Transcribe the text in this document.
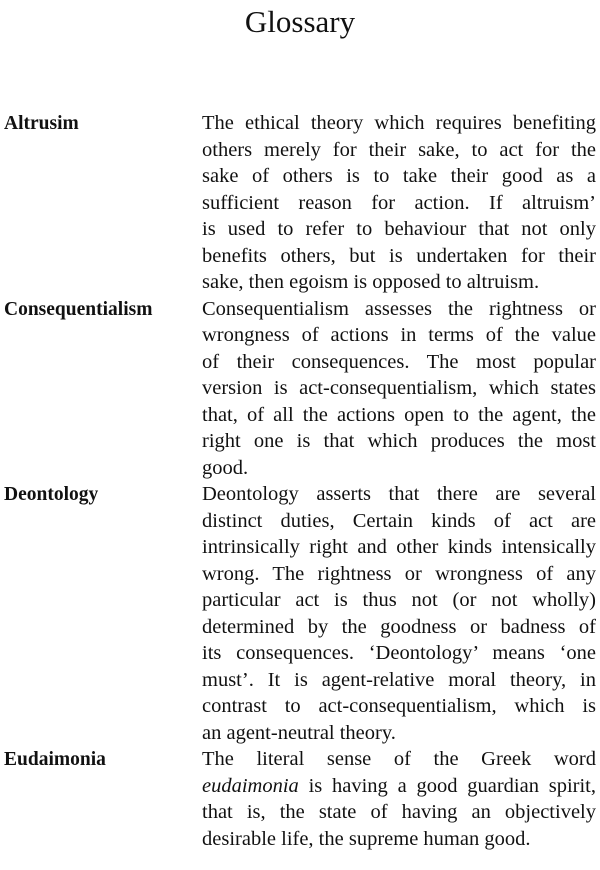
Glossary
Altrusim	The ethical theory which requires benefiting
others merely for their sake, to act for the
sake of others is to take their good as a
sufficient reason for action. If altruism’
is used to refer to behaviour that not only
benefits others, but is undertaken for their
sake, then egoism is opposed to altruism.
Consequentialism	Consequentialism assesses the rightness or
wrongness of actions in terms of the value
of their consequences. The most popular
version is act-consequentialism, which states
that, of all the actions open to the agent, the
right one is that which produces the most
good.
Deontology	Deontology asserts that there are several
distinct duties, Certain kinds of act are
intrinsically right and other kinds intensically
wrong. The rightness or wrongness of any
particular act is thus not (or not wholly)
determined by the goodness or badness of
its consequences. ‘Deontology’ means ‘one
must’. It is agent-relative moral theory, in
contrast to act-consequentialism, which is
an agent-neutral theory.
Eudaimonia	The literal sense of the Greek word
eudaimonia is having a good guardian spirit,
that is, the state of having an objectively
desirable life, the supreme human good.
